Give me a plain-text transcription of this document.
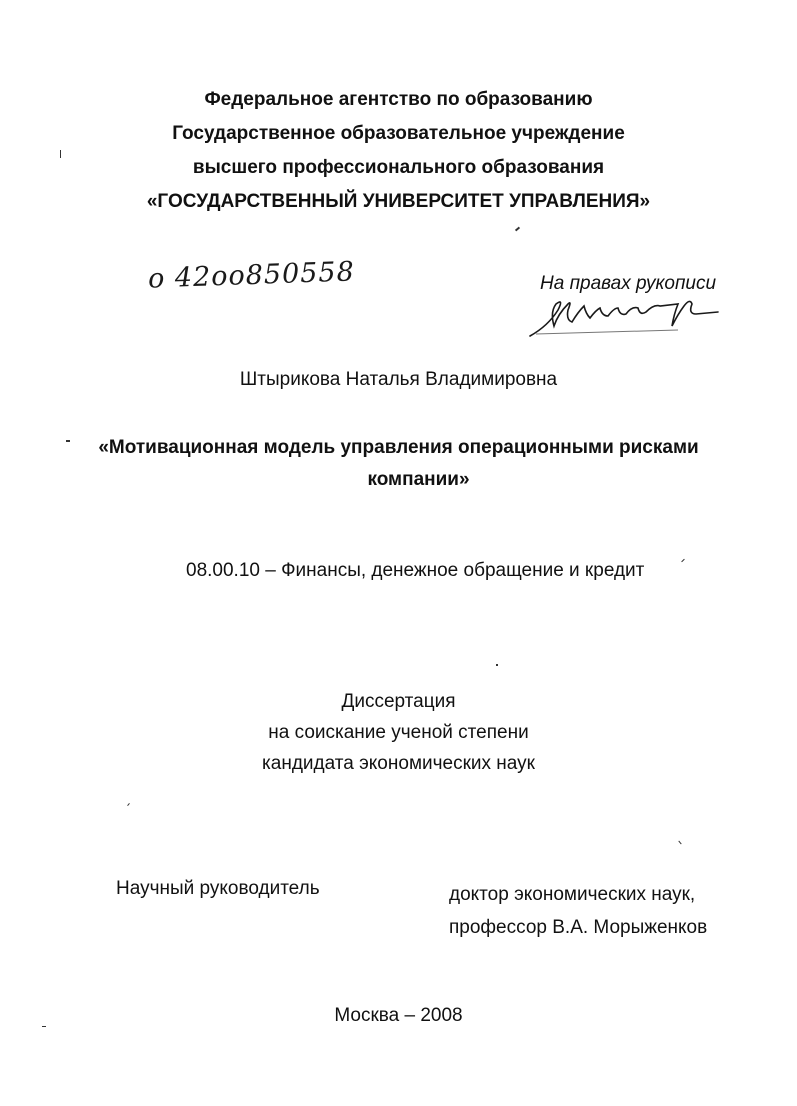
Федеральное агентство по образованию
Государственное образовательное учреждение
высшего профессионального образования
«ГОСУДАРСТВЕННЫЙ УНИВЕРСИТЕТ УПРАВЛЕНИЯ»
о 42оо850558	На правах рукописи
Штырикова Наталья Владимировна
«Мотивационная модель управления операционными рисками
компании»
08.00.10 – Финансы, денежное обращение и кредит
Диссертация
на соискание ученой степени
кандидата экономических наук
Научный руководитель	доктор экономических наук,
профессор В.А. Морыженков
Москва – 2008
